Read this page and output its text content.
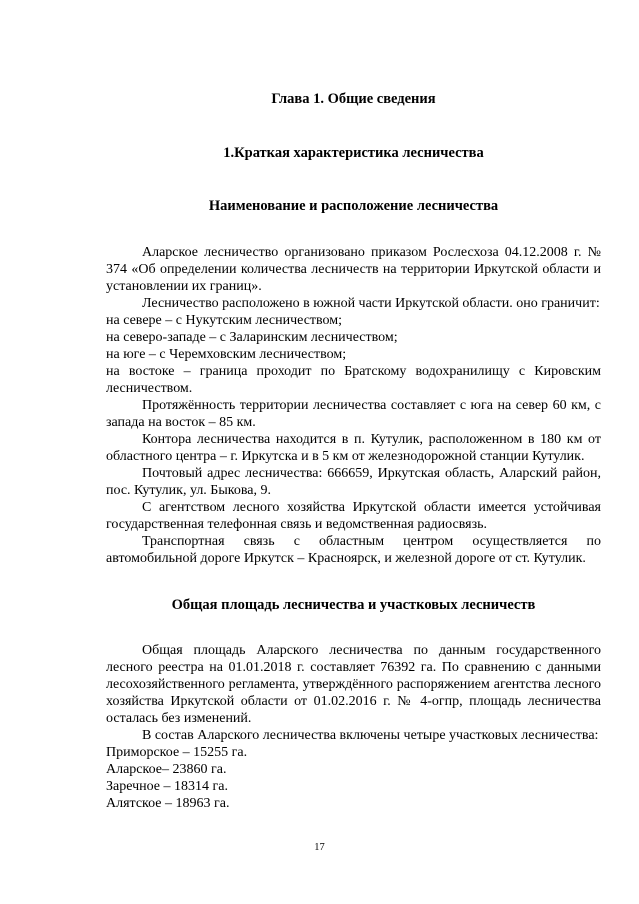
Глава 1. Общие сведения
1.Краткая характеристика лесничества
Наименование и расположение лесничества

Аларское лесничество организовано приказом Рослесхоза 04.12.2008 г. № 374 «Об определении количества лесничеств на территории Иркутской области и установлении их границ».

Лесничество расположено в южной части Иркутской области. оно граничит:

на севере – с Нукутским лесничеством;

на северо-западе – с Заларинским лесничеством;

на юге – с Черемховским лесничеством;

на востоке – граница проходит по Братскому водохранилищу с Кировским лесничеством.

Протяжённость территории лесничества составляет с юга на север 60 км, с запада на восток – 85 км.

Контора лесничества находится в п. Кутулик, расположенном в 180 км от областного центра – г. Иркутска и в 5 км от железнодорожной станции Кутулик.

Почтовый адрес лесничества: 666659, Иркутская область, Аларский район, пос. Кутулик, ул. Быкова, 9.

С агентством лесного хозяйства Иркутской области имеется устойчивая государственная телефонная связь и ведомственная радиосвязь.

Транспортная связь с областным центром осуществляется по автомобильной дороге Иркутск – Красноярск, и железной дороге от ст. Кутулик.

Общая площадь лесничества и участковых лесничеств

Общая площадь Аларского лесничества по данным государственного лесного реестра на 01.01.2018 г. составляет 76392 га. По сравнению с данными лесохозяйственного регламента, утверждённого распоряжением агентства лесного хозяйства Иркутской области от 01.02.2016 г. № 4-огпр, площадь лесничества осталась без изменений.

В состав Аларского лесничества включены четыре участковых лесничества:

Приморское – 15255 га.

Аларское– 23860 га.

Заречное – 18314 га.

Алятское – 18963 га.

17
